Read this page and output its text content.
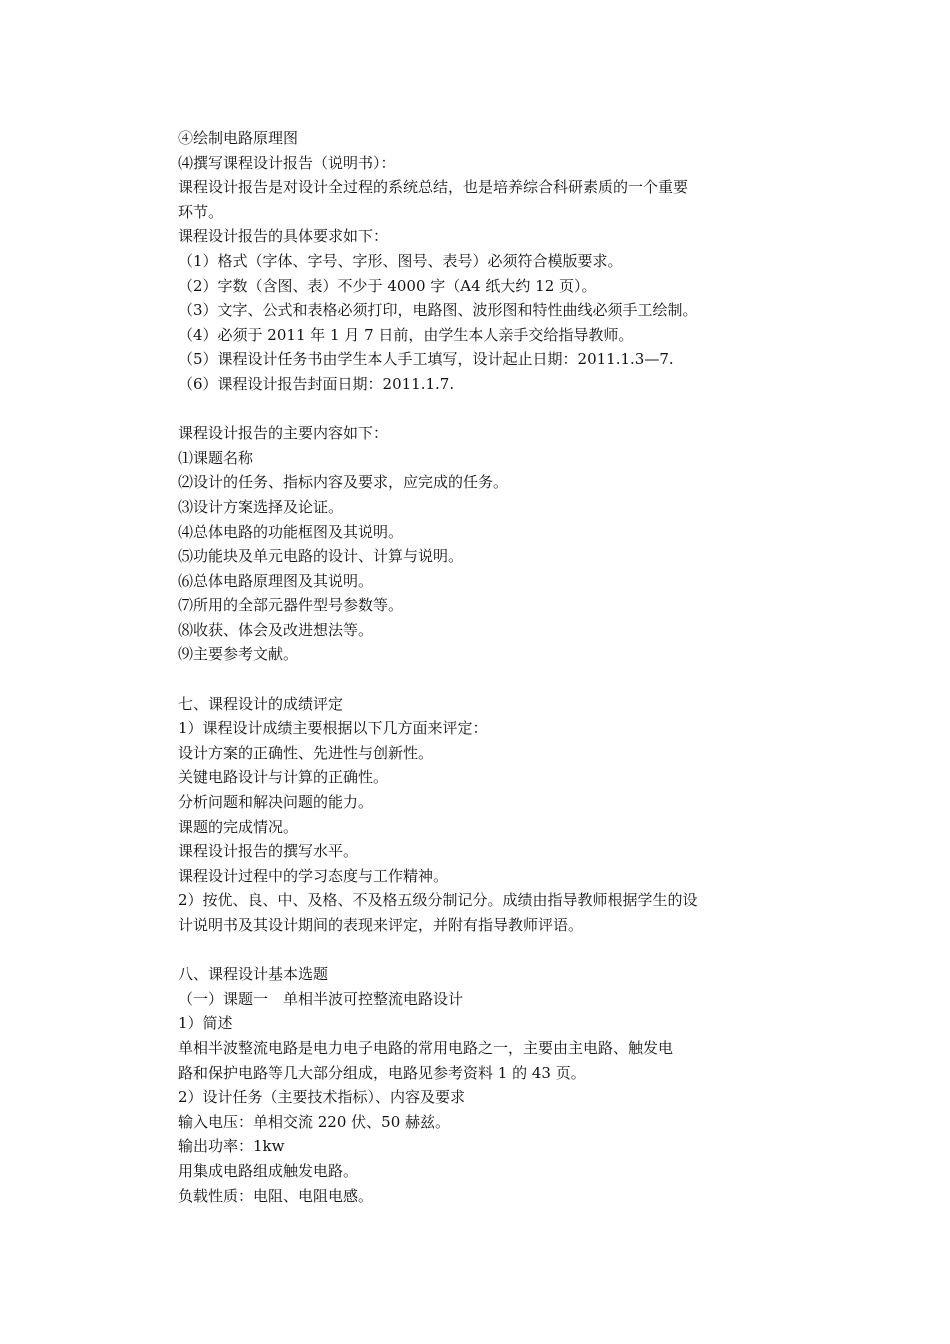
④绘制电路原理图
⑷撰写课程设计报告（说明书）：
课程设计报告是对设计全过程的系统总结，也是培养综合科研素质的一个重要
环节。
课程设计报告的具体要求如下：
（1）格式（字体、字号、字形、图号、表号）必须符合模版要求。
（2）字数（含图、表）不少于 4000 字（A4 纸大约 12 页）。
（3）文字、公式和表格必须打印，电路图、波形图和特性曲线必须手工绘制。
（4）必须于 2011 年 1 月 7 日前，由学生本人亲手交给指导教师。
（5）课程设计任务书由学生本人手工填写，设计起止日期：2011.1.3—7.
（6）课程设计报告封面日期：2011.1.7.
课程设计报告的主要内容如下：
⑴课题名称
⑵设计的任务、指标内容及要求，应完成的任务。
⑶设计方案选择及论证。
⑷总体电路的功能框图及其说明。
⑸功能块及单元电路的设计、计算与说明。
⑹总体电路原理图及其说明。
⑺所用的全部元器件型号参数等。
⑻收获、体会及改进想法等。
⑼主要参考文献。
七、课程设计的成绩评定
1）课程设计成绩主要根据以下几方面来评定：
设计方案的正确性、先进性与创新性。
关键电路设计与计算的正确性。
分析问题和解决问题的能力。
课题的完成情况。
课程设计报告的撰写水平。
课程设计过程中的学习态度与工作精神。
2）按优、良、中、及格、不及格五级分制记分。成绩由指导教师根据学生的设
计说明书及其设计期间的表现来评定，并附有指导教师评语。
八、课程设计基本选题
（一）课题一　单相半波可控整流电路设计
1）简述
单相半波整流电路是电力电子电路的常用电路之一，主要由主电路、触发电
路和保护电路等几大部分组成，电路见参考资料 1 的 43 页。
2）设计任务（主要技术指标）、内容及要求
输入电压：单相交流 220 伏、50 赫兹。
输出功率：1kw
用集成电路组成触发电路。
负载性质：电阻、电阻电感。
